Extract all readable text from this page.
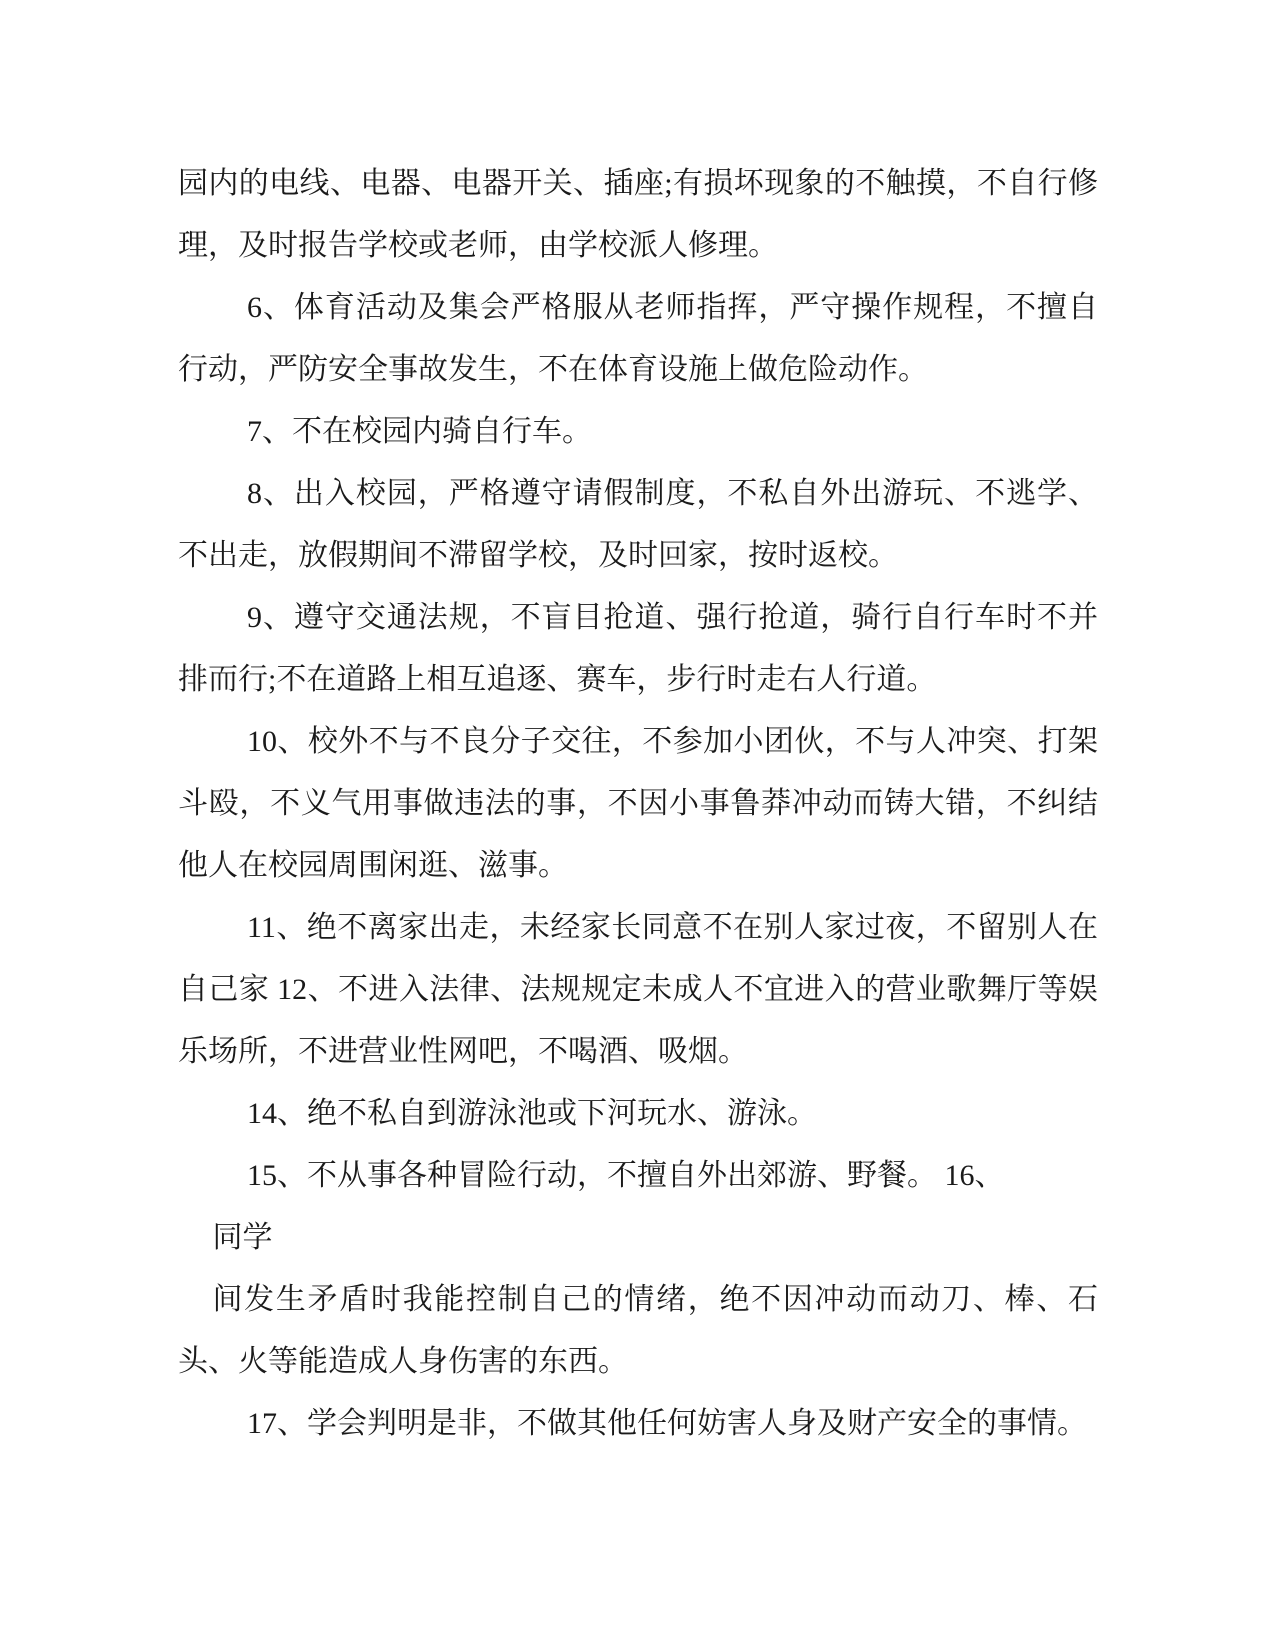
园内的电线、电器、电器开关、插座;有损坏现象的不触摸，不自行修理，及时报告学校或老师，由学校派人修理。

6、体育活动及集会严格服从老师指挥，严守操作规程，不擅自行动，严防安全事故发生，不在体育设施上做危险动作。

7、不在校园内骑自行车。

8、出入校园，严格遵守请假制度，不私自外出游玩、不逃学、不出走，放假期间不滞留学校，及时回家，按时返校。

9、遵守交通法规，不盲目抢道、强行抢道，骑行自行车时不并排而行;不在道路上相互追逐、赛车，步行时走右人行道。

10、校外不与不良分子交往，不参加小团伙，不与人冲突、打架斗殴，不义气用事做违法的事，不因小事鲁莽冲动而铸大错，不纠结他人在校园周围闲逛、滋事。

11、绝不离家出走，未经家长同意不在别人家过夜，不留别人在自己家 12、不进入法律、法规规定未成人不宜进入的营业歌舞厅等娱乐场所，不进营业性网吧，不喝酒、吸烟。

14、绝不私自到游泳池或下河玩水、游泳。

15、不从事各种冒险行动，不擅自外出郊游、野餐。 16、

同学

间发生矛盾时我能控制自己的情绪，绝不因冲动而动刀、棒、石头、火等能造成人身伤害的东西。

17、学会判明是非，不做其他任何妨害人身及财产安全的事情。
